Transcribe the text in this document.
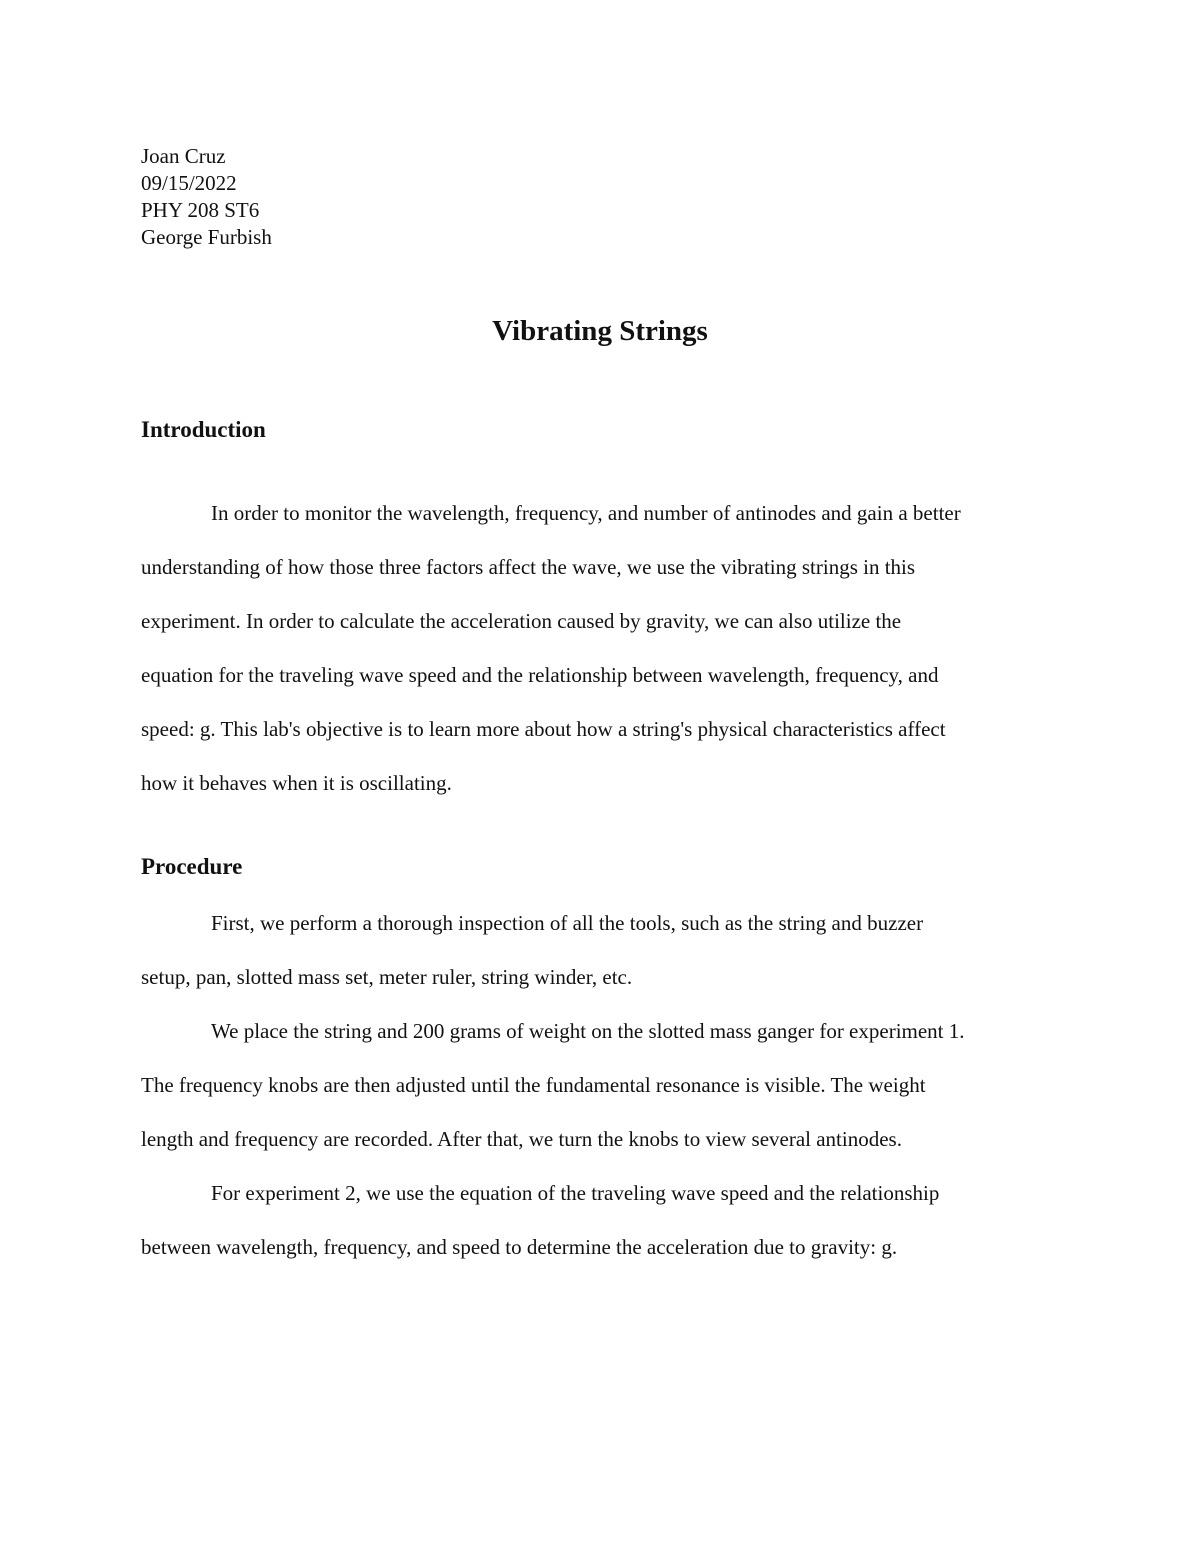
Joan Cruz
09/15/2022
PHY 208 ST6
George Furbish
Vibrating Strings
Introduction
In order to monitor the wavelength, frequency, and number of antinodes and gain a better
understanding of how those three factors affect the wave, we use the vibrating strings in this
experiment. In order to calculate the acceleration caused by gravity, we can also utilize the
equation for the traveling wave speed and the relationship between wavelength, frequency, and
speed: g. This lab's objective is to learn more about how a string's physical characteristics affect
how it behaves when it is oscillating.
Procedure
First, we perform a thorough inspection of all the tools, such as the string and buzzer
setup, pan, slotted mass set, meter ruler, string winder, etc.
We place the string and 200 grams of weight on the slotted mass ganger for experiment 1.
The frequency knobs are then adjusted until the fundamental resonance is visible. The weight
length and frequency are recorded. After that, we turn the knobs to view several antinodes.
For experiment 2, we use the equation of the traveling wave speed and the relationship
between wavelength, frequency, and speed to determine the acceleration due to gravity: g.
